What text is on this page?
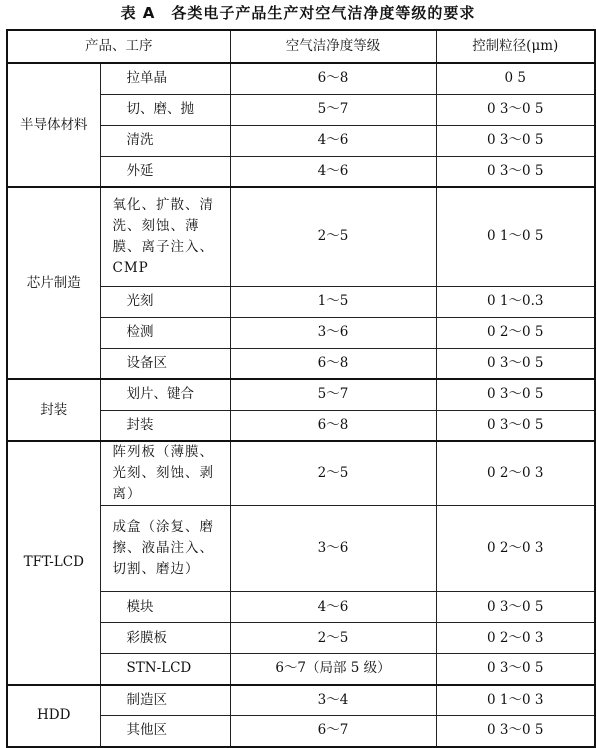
表 A　各类电子产品生产对空气洁净度等级的要求
产品、工序		空气洁净度等级	控制粒径(μm)
半导体材料	拉单晶	6～8	0 5
	切、磨、抛	5～7	0 3～0 5
	清洗	4～6	0 3～0 5
	外延	4～6	0 3～0 5
芯片制造	氧化、扩散、清洗、刻蚀、薄膜、离子注入、CMP	2～5	0 1～0 5
	光刻	1～5	0 1～0.3
	检测	3～6	0 2～0 5
	设备区	6～8	0 3～0 5
封装	划片、键合	5～7	0 3～0 5
	封装	6～8	0 3～0 5
TFT-LCD	阵列板（薄膜、光刻、刻蚀、剥离）	2～5	0 2～0 3
	成盒（涂复、磨擦、液晶注入、切割、磨边）	3～6	0 2～0 3
	模块	4～6	0 3～0 5
	彩膜板	2～5	0 2～0 3
	STN-LCD	6～7（局部 5 级）	0 3～0 5
HDD	制造区	3～4	0 1～0 3
	其他区	6～7	0 3～0 5
